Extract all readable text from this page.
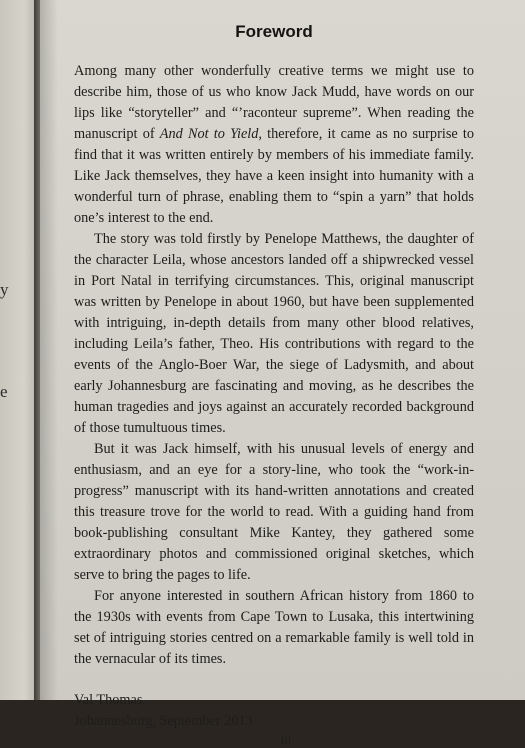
y
e
Foreword

Among many other wonderfully creative terms we might use to describe him, those of us who know Jack Mudd, have words on our lips like “storyteller” and “’raconteur supreme”. When reading the manuscript of And Not to Yield, therefore, it came as no surprise to find that it was written entirely by members of his immediate family. Like Jack themselves, they have a keen insight into humanity with a wonderful turn of phrase, enabling them to “spin a yarn” that holds one’s interest to the end.

The story was told firstly by Penelope Matthews, the daughter of the character Leila, whose ancestors landed off a shipwrecked vessel in Port Natal in terrifying circumstances. This, original manuscript was written by Penelope in about 1960, but have been supplemented with intriguing, in-depth details from many other blood relatives, including Leila’s father, Theo. His contributions with regard to the events of the Anglo-Boer War, the siege of Ladysmith, and about early Johannesburg are fascinating and moving, as he describes the human tragedies and joys against an accurately recorded background of those tumultuous times.

But it was Jack himself, with his unusual levels of energy and enthusiasm, and an eye for a story-line, who took the “work-in-progress” manuscript with its hand-written annotations and created this treasure trove for the world to read. With a guiding hand from book-publishing consultant Mike Kantey, they gathered some extraordinary photos and commissioned original sketches, which serve to bring the pages to life.

For anyone interested in southern African history from 1860 to the 1930s with events from Cape Town to Lusaka, this intertwining set of intriguing stories centred on a remarkable family is well told in the vernacular of its times.

Val Thomas,
Johannesburg, September 2013
iii
